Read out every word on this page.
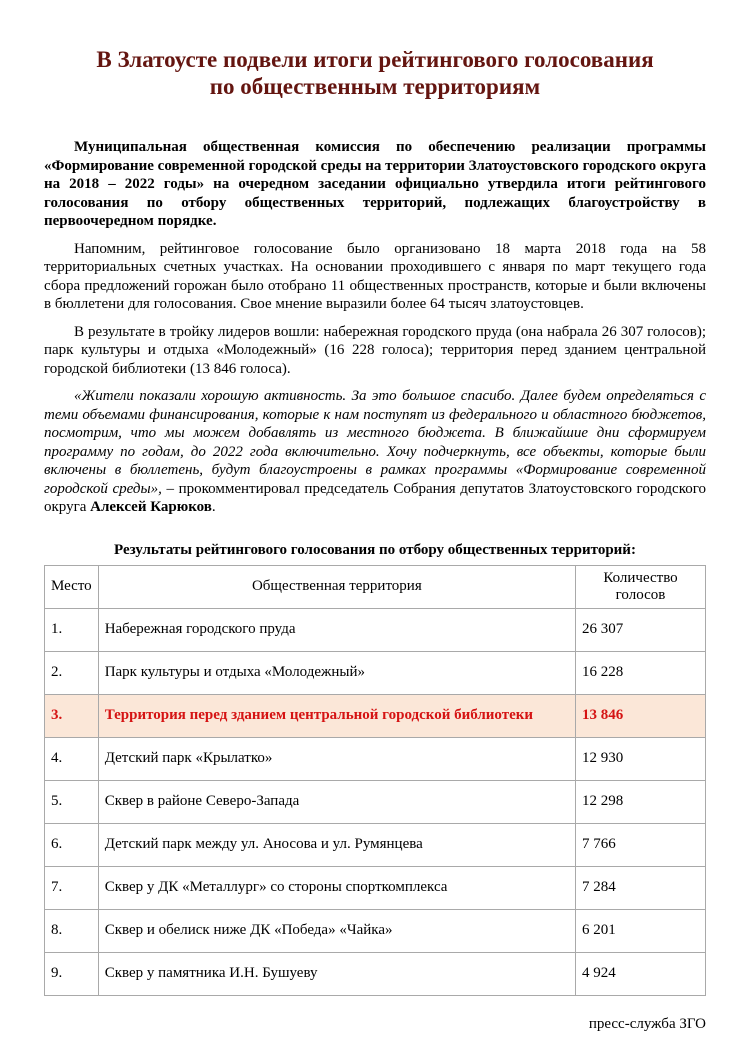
В Златоусте подвели итоги рейтингового голосования
по общественным территориям

Муниципальная общественная комиссия по обеспечению реализации программы «Формирование современной городской среды на территории Златоустовского городского округа на 2018 – 2022 годы» на очередном заседании официально утвердила итоги рейтингового голосования по отбору общественных территорий, подлежащих благоустройству в первоочередном порядке.

Напомним, рейтинговое голосование было организовано 18 марта 2018 года на 58 территориальных счетных участках. На основании проходившего с января по март текущего года сбора предложений горожан было отобрано 11 общественных пространств, которые и были включены в бюллетени для голосования. Свое мнение выразили более 64 тысяч златоустовцев.

В результате в тройку лидеров вошли: набережная городского пруда (она набрала 26 307 голосов); парк культуры и отдыха «Молодежный» (16 228 голоса); территория перед зданием центральной городской библиотеки (13 846 голоса).

«Жители показали хорошую активность. За это большое спасибо. Далее будем определяться с теми объемами финансирования, которые к нам поступят из федерального и областного бюджетов, посмотрим, что мы можем добавлять из местного бюджета. В ближайшие дни сформируем программу по годам, до 2022 года включительно. Хочу подчеркнуть, все объекты, которые были включены в бюллетень, будут благоустроены в рамках программы «Формирование современной городской среды», – прокомментировал председатель Собрания депутатов Златоустовского городского округа Алексей Карюков.

Результаты рейтингового голосования по отбору общественных территорий:
Место	Общественная территория	Количество голосов
1.	Набережная городского пруда	26 307
2.	Парк культуры и отдыха «Молодежный»	16 228
3.	Территория перед зданием центральной городской библиотеки	13 846
4.	Детский парк «Крылатко»	12 930
5.	Сквер в районе Северо-Запада	12 298
6.	Детский парк между ул. Аносова и ул. Румянцева	7 766
7.	Сквер у ДК «Металлург» со стороны спорткомплекса	7 284
8.	Сквер и обелиск ниже ДК «Победа» «Чайка»	6 201
9.	Сквер у памятника И.Н. Бушуеву	4 924
пресс-служба ЗГО
